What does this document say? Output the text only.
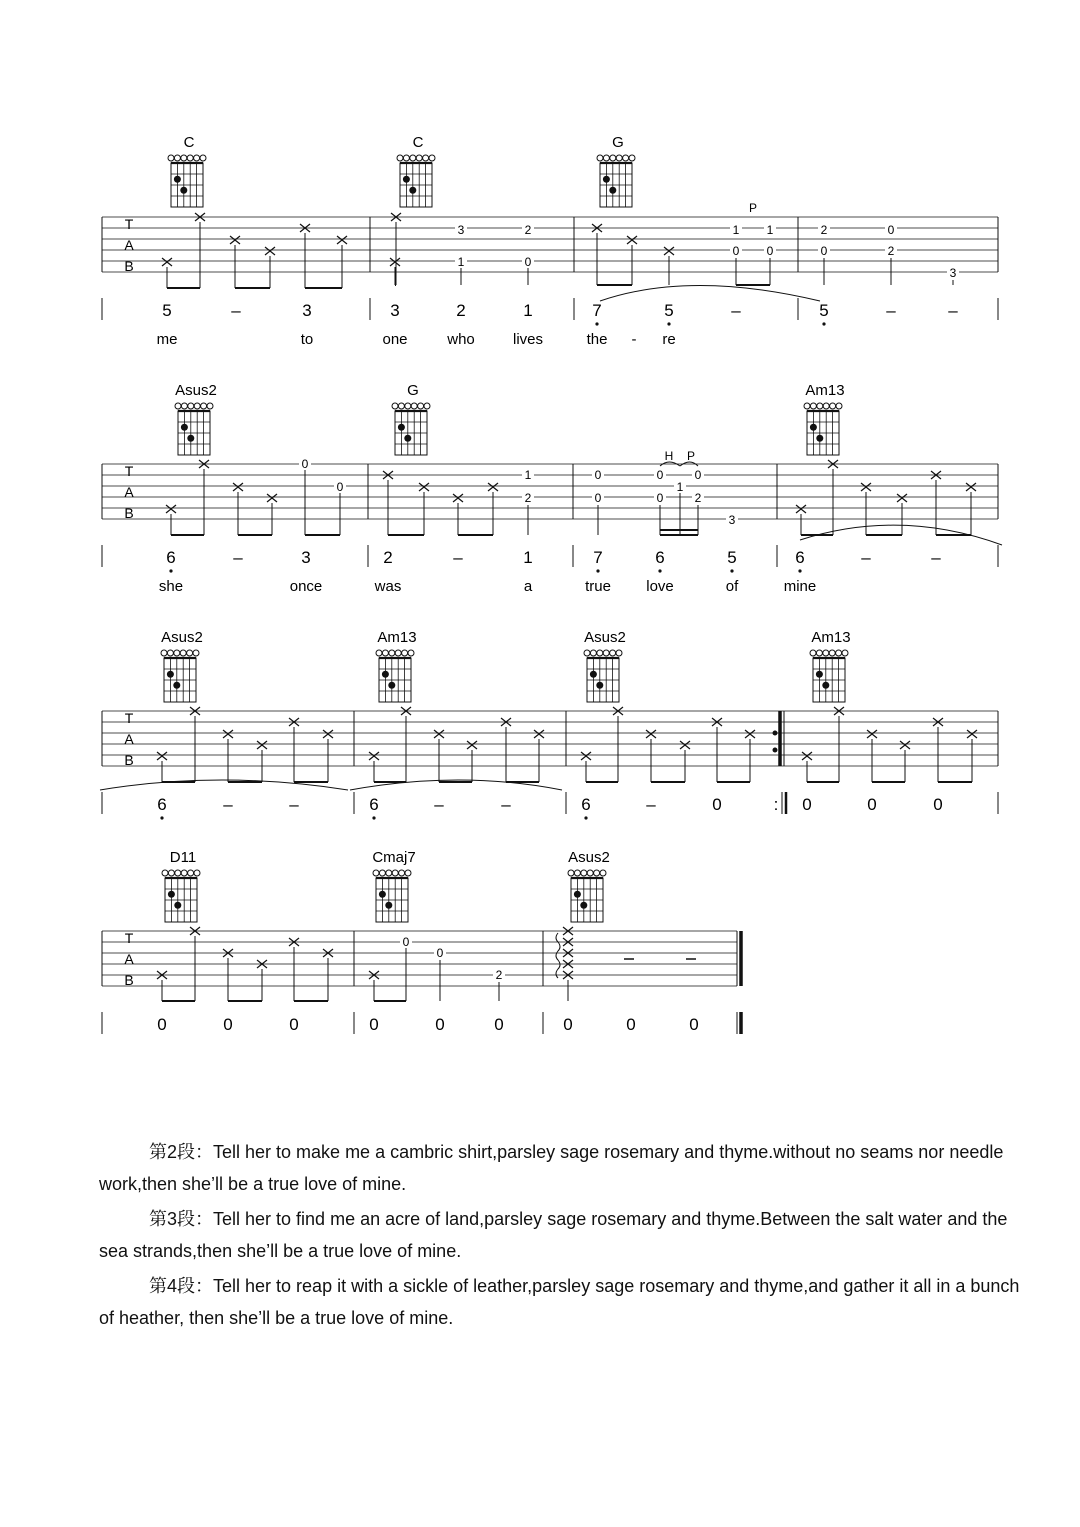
C	C	G
T
A
B
3
1
2
0
1
0
1
0
2
0
0
2
3
P
5	–	3	3	2	1	7	5	–	5	–	–
me	to	one	who	lives	the - re
Asus2	G	Am13
T
A
B
0
0
1
2
0
0
0
0
1
0
2
3
H P
6	–	3	2	–	1	7	6	5	6	–	–
she	once	was	a	true love	of	mine
Asus2	Am13	Asus2	Am13
T
A
B
6	–	–	6	–	–	6	–	0	0	0	0
:
D11	Cmaj7	Asus2
T
A
B
0
0
2
0	0	0	0	0	0	0	0	0

第2段：Tell her to make me a cambric shirt,parsley sage rosemary and thyme.without no seams nor needle work,then she’ll be a true love of mine.

第3段：Tell her to find me an acre of land,parsley sage rosemary and thyme.Between the salt water and the sea strands,then she’ll be a true love of mine.

第4段：Tell her to reap it with a sickle of leather,parsley sage rosemary and thyme,and gather it all in a bunch of heather, then she’ll be a true love of mine.
